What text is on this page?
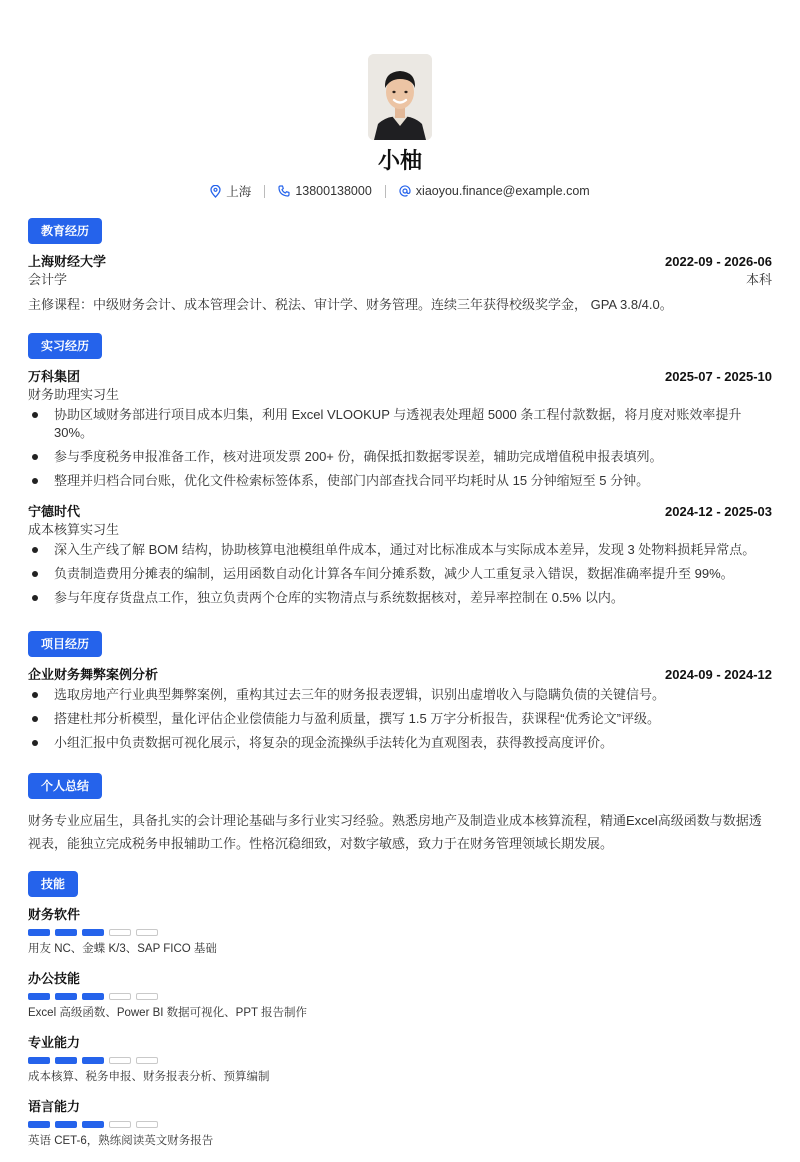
小柚
上海	13800138000	xiaoyou.finance@example.com
教育经历
上海财经大学	2022-09 - 2026-06
会计学	本科
主修课程：中级财务会计、成本管理会计、税法、审计学、财务管理。连续三年获得校级奖学金， GPA 3.8/4.0。
实习经历
万科集团	2025-07 - 2025-10
财务助理实习生
协助区域财务部进行项目成本归集，利用 Excel VLOOKUP 与透视表处理超 5000 条工程付款数据，将月度对账效率提升30%。
参与季度税务申报准备工作，核对进项发票 200+ 份，确保抵扣数据零误差，辅助完成增值税申报表填列。
整理并归档合同台账，优化文件检索标签体系，使部门内部查找合同平均耗时从 15 分钟缩短至 5 分钟。
宁德时代	2024-12 - 2025-03
成本核算实习生
深入生产线了解 BOM 结构，协助核算电池模组单件成本，通过对比标准成本与实际成本差异，发现 3 处物料损耗异常点。
负责制造费用分摊表的编制，运用函数自动化计算各车间分摊系数，减少人工重复录入错误，数据准确率提升至 99%。
参与年度存货盘点工作，独立负责两个仓库的实物清点与系统数据核对，差异率控制在 0.5% 以内。
项目经历
企业财务舞弊案例分析	2024-09 - 2024-12
选取房地产行业典型舞弊案例，重构其过去三年的财务报表逻辑，识别出虚增收入与隐瞒负债的关键信号。
搭建杜邦分析模型，量化评估企业偿债能力与盈利质量，撰写 1.5 万字分析报告，获课程“优秀论文”评级。
小组汇报中负责数据可视化展示，将复杂的现金流操纵手法转化为直观图表，获得教授高度评价。
个人总结
财务专业应届生，具备扎实的会计理论基础与多行业实习经验。熟悉房地产及制造业成本核算流程，精通Excel高级函数与数据透视表，能独立完成税务申报辅助工作。性格沉稳细致，对数字敏感，致力于在财务管理领域长期发展。
技能
财务软件
用友 NC、金蝶 K/3、SAP FICO 基础
办公技能
Excel 高级函数、Power BI 数据可视化、PPT 报告制作
专业能力
成本核算、税务申报、财务报表分析、预算编制
语言能力
英语 CET-6，熟练阅读英文财务报告
